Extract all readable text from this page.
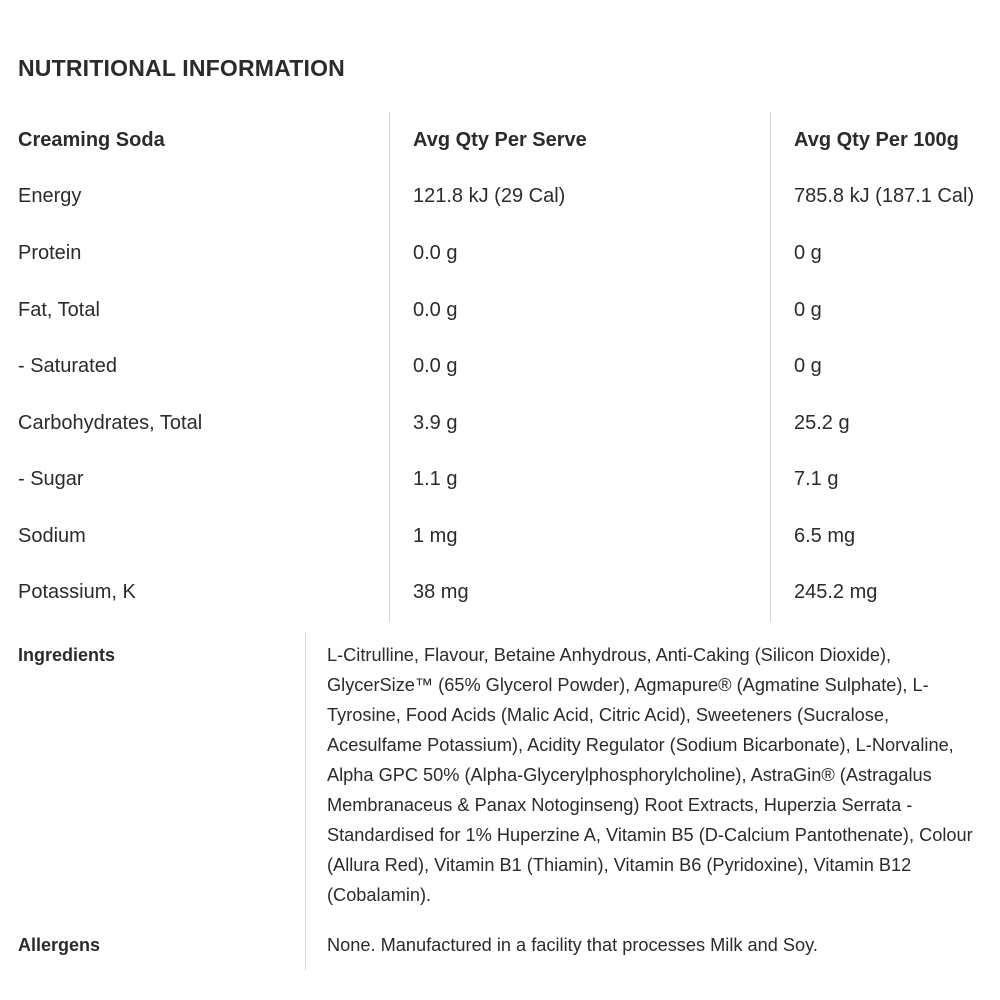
NUTRITIONAL INFORMATION
Creaming Soda	Avg Qty Per Serve	Avg Qty Per 100g
Energy	121.8 kJ (29 Cal)	785.8 kJ (187.1 Cal)
Protein	0.0 g	0 g
Fat, Total	0.0 g	0 g
- Saturated	0.0 g	0 g
Carbohydrates, Total	3.9 g	25.2 g
- Sugar	1.1 g	7.1 g
Sodium	1 mg	6.5 mg
Potassium, K	38 mg	245.2 mg
Ingredients	L-Citrulline, Flavour, Betaine Anhydrous, Anti-Caking (Silicon Dioxide), GlycerSize™ (65% Glycerol Powder), Agmapure® (Agmatine Sulphate), L-Tyrosine, Food Acids (Malic Acid, Citric Acid), Sweeteners (Sucralose, Acesulfame Potassium), Acidity Regulator (Sodium Bicarbonate), L-Norvaline, Alpha GPC 50% (Alpha-Glycerylphosphorylcholine), AstraGin® (Astragalus Membranaceus & Panax Notoginseng) Root Extracts, Huperzia Serrata - Standardised for 1% Huperzine A, Vitamin B5 (D-Calcium Pantothenate), Colour (Allura Red), Vitamin B1 (Thiamin), Vitamin B6 (Pyridoxine), Vitamin B12 (Cobalamin).
Allergens	None. Manufactured in a facility that processes Milk and Soy.
